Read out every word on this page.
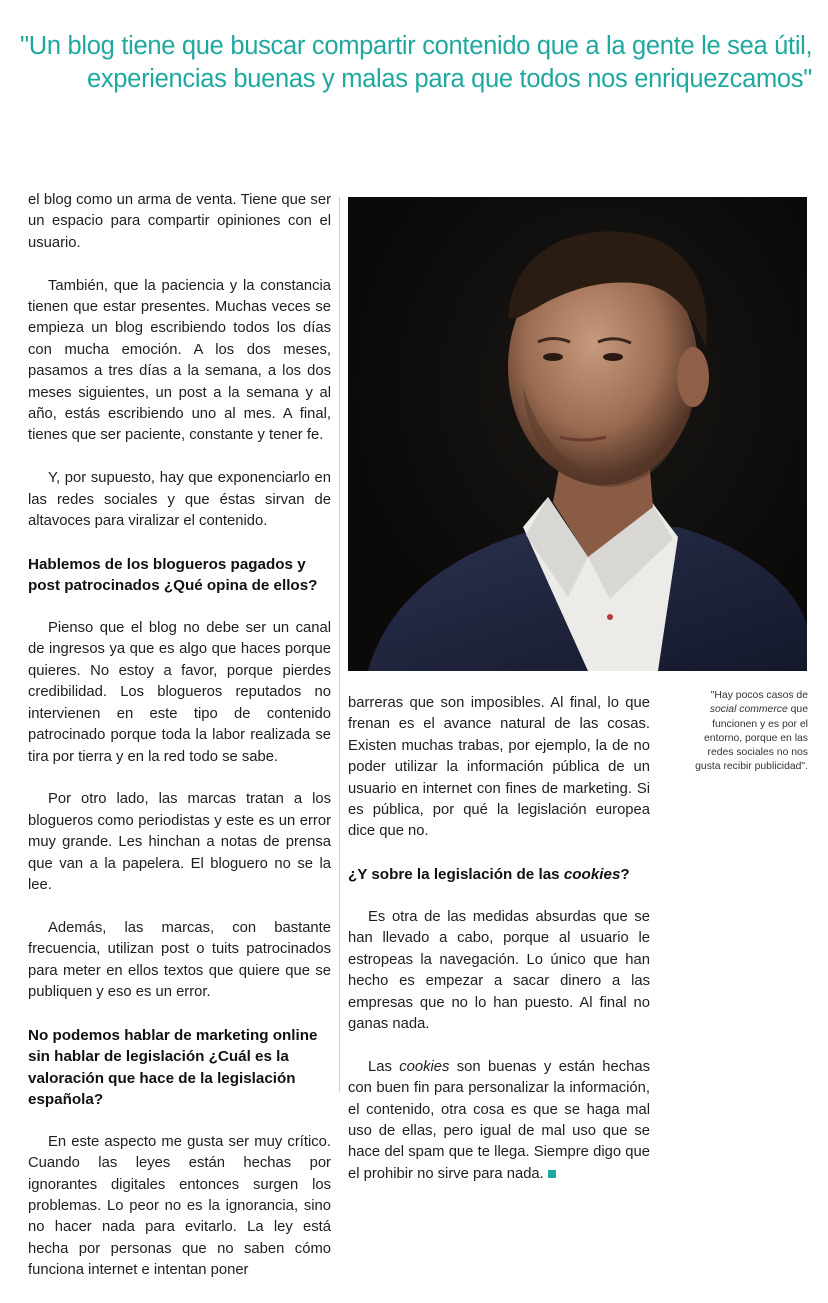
"Un blog tiene que buscar compartir contenido que a la gente le sea útil,
experiencias buenas y malas para que todos nos enriquezcamos"

el blog como un arma de venta. Tiene que ser un espacio para compartir opiniones con el usuario.

También, que la paciencia y la constancia tienen que estar presentes. Muchas veces se empieza un blog escribiendo todos los días con mucha emoción. A los dos meses, pasamos a tres días a la semana, a los dos meses siguientes, un post a la semana y al año, estás escribiendo uno al mes. A final, tienes que ser paciente, constante y tener fe.

Y, por supuesto, hay que exponenciarlo en las redes sociales y que éstas sirvan de altavoces para viralizar el contenido.

Hablemos de los blogueros pagados y post patrocinados ¿Qué opina de ellos?

Pienso que el blog no debe ser un canal de ingresos ya que es algo que haces porque quieres. No estoy a favor, porque pierdes credibilidad. Los blogueros reputados no intervienen en este tipo de contenido patrocinado porque toda la labor realizada se tira por tierra y en la red todo se sabe.

Por otro lado, las marcas tratan a los blogueros como periodistas y este es un error muy grande. Les hinchan a notas de prensa que van a la papelera. El bloguero no se la lee.

Además, las marcas, con bastante frecuencia, utilizan post o tuits patrocinados para meter en ellos textos que quiere que se publiquen y eso es un error.

No podemos hablar de marketing online sin hablar de legislación ¿Cuál es la valoración que hace de la legislación española?

En este aspecto me gusta ser muy crítico. Cuando las leyes están hechas por ignorantes digitales entonces surgen los problemas. Lo peor no es la ignorancia, sino no hacer nada para evitarlo. La ley está hecha por personas que no saben cómo funciona internet e intentan poner

"Hay pocos casos de social commerce que funcionen y es por el entorno, porque en las redes sociales no nos gusta recibir publicidad".

barreras que son imposibles. Al final, lo que frenan es el avance natural de las cosas. Existen muchas trabas, por ejemplo, la de no poder utilizar la información pública de un usuario en internet con fines de marketing. Si es pública, por qué la legislación europea dice que no.

¿Y sobre la legislación de las cookies?

Es otra de las medidas absurdas que se han llevado a cabo, porque al usuario le estropeas la navegación. Lo único que han hecho es empezar a sacar dinero a las empresas que no lo han puesto. Al final no ganas nada.

Las cookies son buenas y están hechas con buen fin para personalizar la información, el contenido, otra cosa es que se haga mal uso de ellas, pero igual de mal uso que se hace del spam que te llega. Siempre digo que el prohibir no sirve para nada.
